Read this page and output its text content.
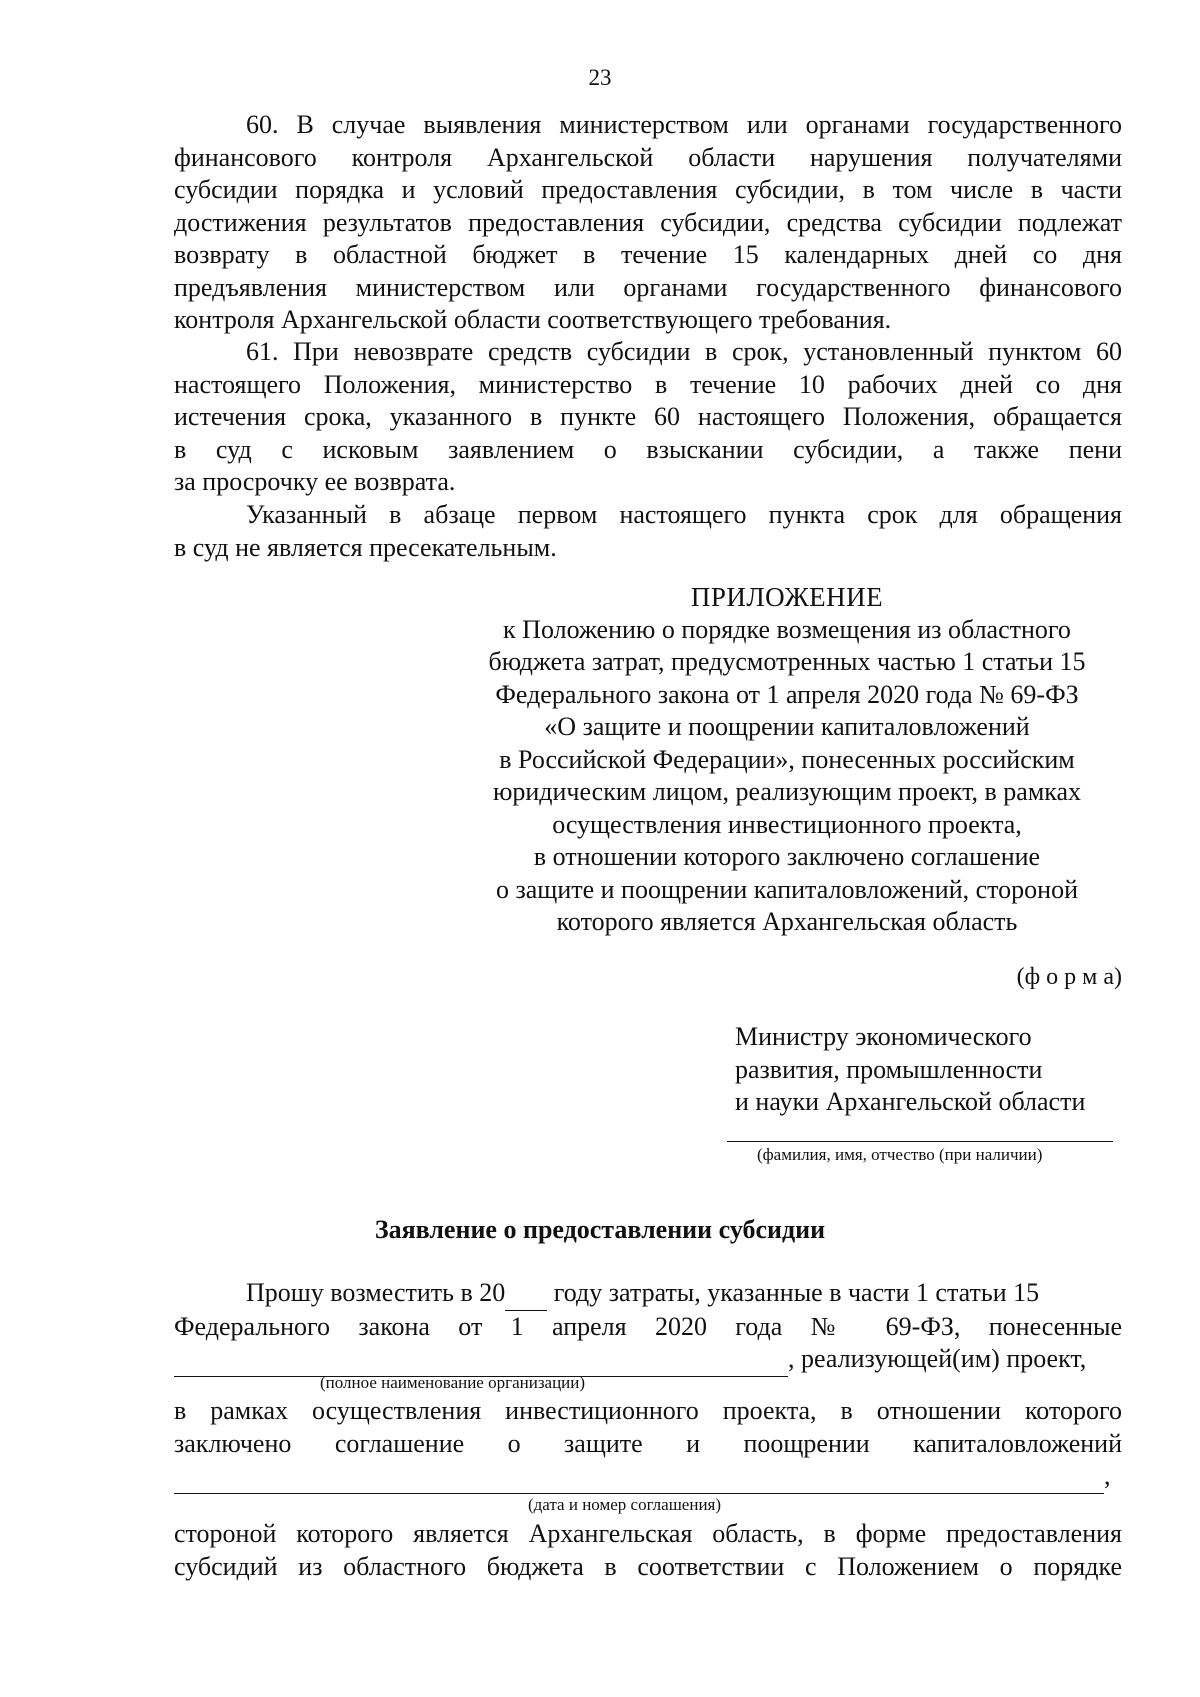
23

60. В случае выявления министерством или органами государственного

финансового контроля Архангельской области нарушения получателями

субсидии порядка и условий предоставления субсидии, в том числе в части

достижения результатов предоставления субсидии, средства субсидии подлежат

возврату в областной бюджет в течение 15 календарных дней со дня

предъявления министерством или органами государственного финансового

контроля Архангельской области соответствующего требования.

61. При невозврате средств субсидии в срок, установленный пунктом 60

настоящего Положения, министерство в течение 10 рабочих дней со дня

истечения срока, указанного в пункте 60 настоящего Положения, обращается

в суд с исковым заявлением о взыскании субсидии, а также пени

за просрочку ее возврата.

Указанный в абзаце первом настоящего пункта срок для обращения

в суд не является пресекательным.

ПРИЛОЖЕНИЕ
к Положению о порядке возмещения из областного
бюджета затрат, предусмотренных частью 1 статьи 15
Федерального закона от 1 апреля 2020 года № 69-ФЗ
«О защите и поощрении капиталовложений
в Российской Федерации», понесенных российским
юридическим лицом, реализующим проект, в рамках
осуществления инвестиционного проекта,
в отношении которого заключено соглашение
о защите и поощрении капиталовложений, стороной
которого является Архангельская область
(ф о р м а)
Министру экономического
развития, промышленности
и науки Архангельской области
(фамилия, имя, отчество (при наличии)
Заявление о предоставлении субсидии

Прошу возместить в 20  году затраты, указанные в части 1 статьи 15

Федерального закона от 1 апреля 2020 года № 69-ФЗ, понесенные

, реализующей(им) проект,

(полное наименование организации)

в рамках осуществления инвестиционного проекта, в отношении которого

заключено соглашение о защите и поощрении капиталовложений

,

(дата и номер соглашения)

стороной которого является Архангельская область, в форме предоставления

субсидий из областного бюджета в соответствии с Положением о порядке
